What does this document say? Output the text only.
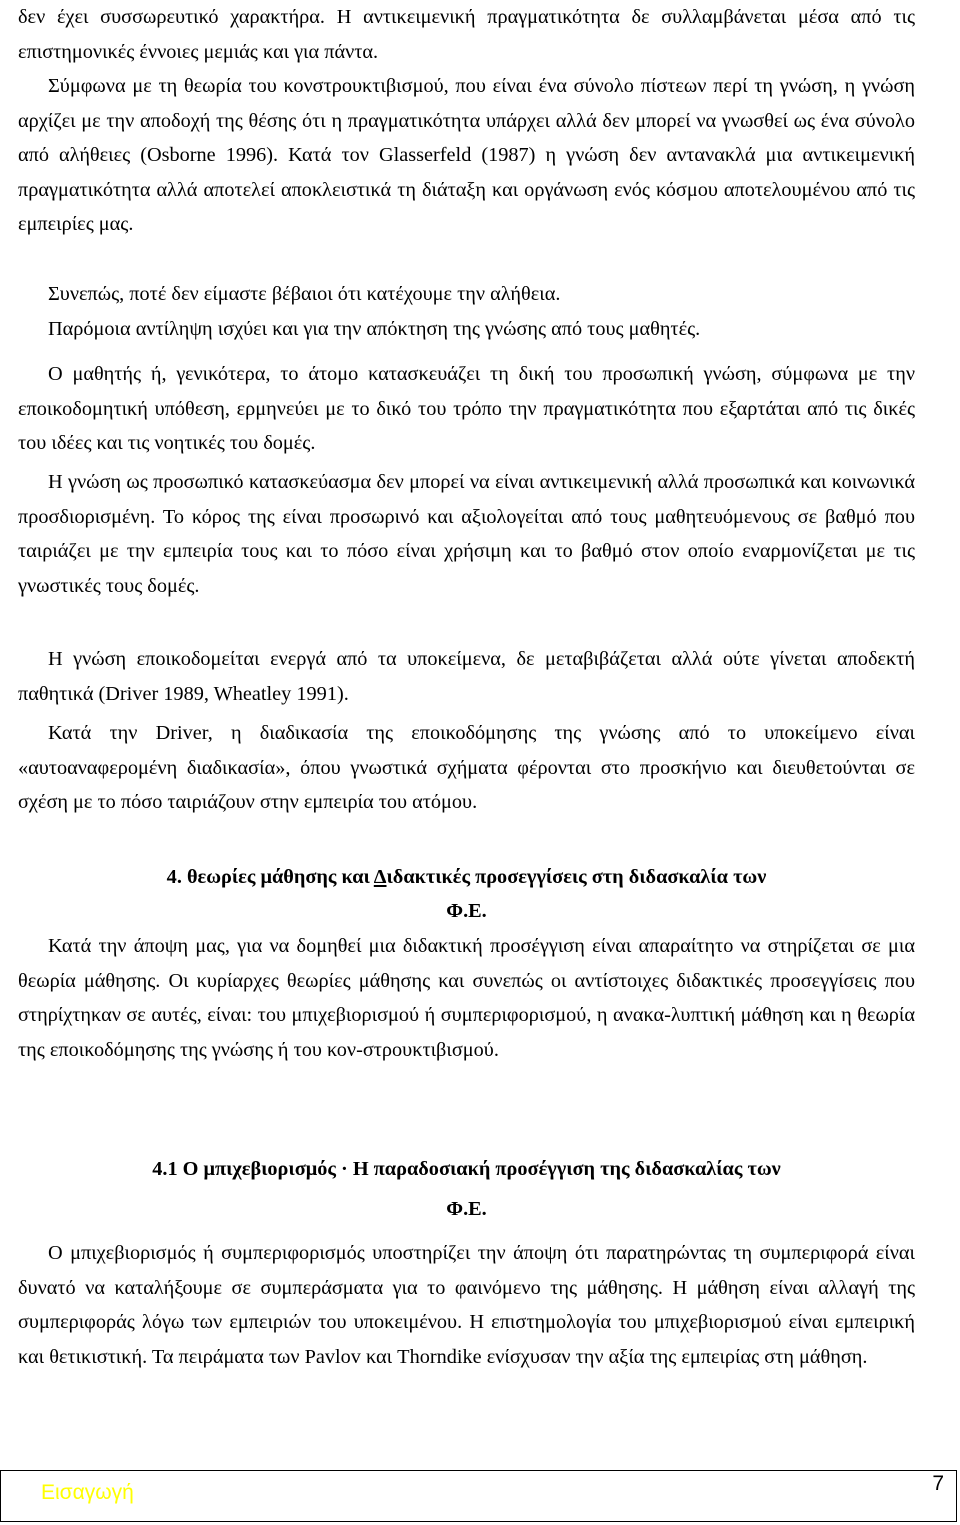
δεν έχει συσσωρευτικό χαρακτήρα. Η αντικειμενική πραγματικότητα δε συλλαμβάνεται μέσα από τις επιστημονικές έννοιες μεμιάς και για πάντα.

Σύμφωνα με τη θεωρία του κονστρουκτιβισμού, που είναι ένα σύνολο πίστεων περί τη γνώση, η γνώση αρχίζει με την αποδοχή της θέσης ότι η πραγματικότητα υπάρχει αλλά δεν μπορεί να γνωσθεί ως ένα σύνολο από αλήθειες (Osborne 1996). Κατά τον Glasserfeld (1987) η γνώση δεν αντανακλά μια αντικειμενική πραγματικότητα αλλά αποτελεί αποκλειστικά τη διάταξη και οργάνωση ενός κόσμου αποτελουμένου από τις εμπειρίες μας.

Συνεπώς, ποτέ δεν είμαστε βέβαιοι ότι κατέχουμε την αλήθεια.

Παρόμοια αντίληψη ισχύει και για την απόκτηση της γνώσης από τους μαθητές.

Ο μαθητής ή, γενικότερα, το άτομο κατασκευάζει τη δική του προσωπική γνώση, σύμφωνα με την εποικοδομητική υπόθεση, ερμηνεύει με το δικό του τρόπο την πραγματικότητα που εξαρτάται από τις δικές του ιδέες και τις νοητικές του δομές.

Η γνώση ως προσωπικό κατασκεύασμα δεν μπορεί να είναι αντικειμενική αλλά προσωπικά και κοινωνικά προσδιορισμένη. Το κόρος της είναι προσωρινό και αξιολογείται από τους μαθητευόμενους σε βαθμό που ταιριάζει με την εμπειρία τους και το πόσο είναι χρήσιμη και το βαθμό στον οποίο εναρμονίζεται με τις γνωστικές τους δομές.

Η γνώση εποικοδομείται ενεργά από τα υποκείμενα, δε μεταβιβάζεται αλλά ούτε γίνεται αποδεκτή παθητικά (Driver 1989, Wheatley 1991).

Κατά την Driver, η διαδικασία της εποικοδόμησης της γνώσης από το υποκείμενο είναι «αυτοαναφερομένη διαδικασία», όπου γνωστικά σχήματα φέρονται στο προσκήνιο και διευθετούνται σε σχέση με το πόσο ταιριάζουν στην εμπειρία του ατόμου.

4. θεωρίες μάθησης και Διδακτικές προσεγγίσεις στη διδασκαλία των
Φ.Ε.

Κατά την άποψη μας, για να δομηθεί μια διδακτική προσέγγιση είναι απαραίτητο να στηρίζεται σε μια θεωρία μάθησης. Οι κυρίαρχες θεωρίες μάθησης και συνεπώς οι αντίστοιχες διδακτικές προσεγγίσεις που στηρίχτηκαν σε αυτές, είναι: του μπιχεβιορισμού ή συμπεριφορισμού, η ανακα-λυπτική μάθηση και η θεωρία της εποικοδόμησης της γνώσης ή του κον-στρουκτιβισμού.

4.1 Ο μπιχεβιορισμός · Η παραδοσιακή προσέγγιση της διδασκαλίας των
Φ.Ε.

Ο μπιχεβιορισμός ή συμπεριφορισμός υποστηρίζει την άποψη ότι παρατηρώντας τη συμπεριφορά είναι δυνατό να καταλήξουμε σε συμπεράσματα για το φαινόμενο της μάθησης. Η μάθηση είναι αλλαγή της συμπεριφοράς λόγω των εμπειριών του υποκειμένου. Η επιστημολογία του μπιχεβιορισμού είναι εμπειρική και θετικιστική. Τα πειράματα των Pavlov και Thorndike ενίσχυσαν την αξία της εμπειρίας στη μάθηση.

Εισαγωγή	7
